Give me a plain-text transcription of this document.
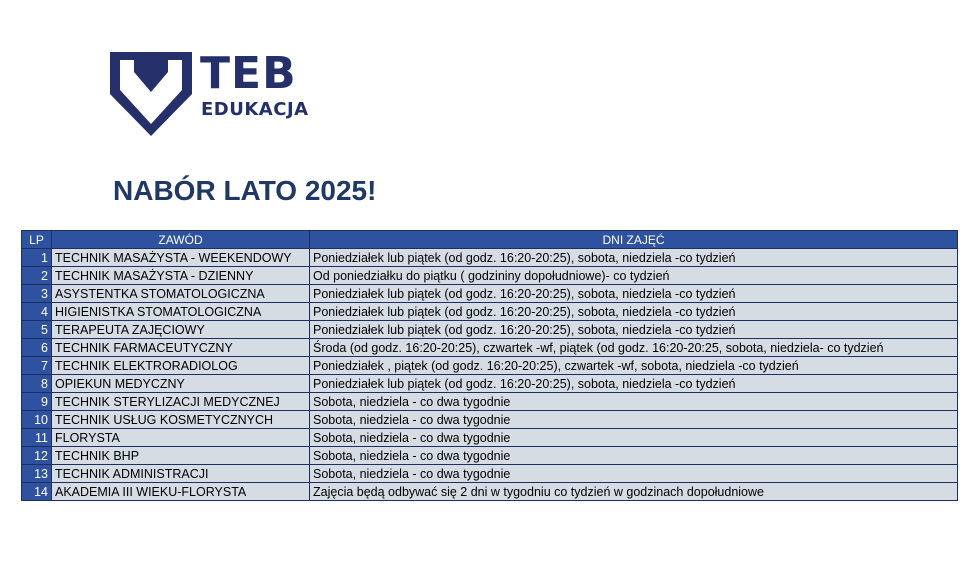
TEB
EDUKACJA
NABÓR LATO 2025!
LP	ZAWÓD	DNI ZAJĘĆ
1	TECHNIK MASAŻYSTA - WEEKENDOWY	Poniedziałek lub piątek (od godz. 16:20-20:25), sobota, niedziela -co tydzień
2	TECHNIK MASAŻYSTA - DZIENNY	Od poniedziałku do piątku ( godzininy dopołudniowe)- co tydzień
3	ASYSTENTKA STOMATOLOGICZNA	Poniedziałek lub piątek (od godz. 16:20-20:25), sobota, niedziela -co tydzień
4	HIGIENISTKA STOMATOLOGICZNA	Poniedziałek lub piątek (od godz. 16:20-20:25), sobota, niedziela -co tydzień
5	TERAPEUTA ZAJĘCIOWY	Poniedziałek lub piątek (od godz. 16:20-20:25), sobota, niedziela -co tydzień
6	TECHNIK FARMACEUTYCZNY	Środa (od godz. 16:20-20:25), czwartek -wf, piątek (od godz. 16:20-20:25, sobota, niedziela- co tydzień
7	TECHNIK ELEKTRORADIOLOG	Poniedziałek , piątek (od godz. 16:20-20:25), czwartek -wf, sobota, niedziela -co tydzień
8	OPIEKUN MEDYCZNY	Poniedziałek lub piątek (od godz. 16:20-20:25), sobota, niedziela -co tydzień
9	TECHNIK STERYLIZACJI MEDYCZNEJ	Sobota, niedziela - co dwa tygodnie
10	TECHNIK USŁUG KOSMETYCZNYCH	Sobota, niedziela - co dwa tygodnie
11	FLORYSTA	Sobota, niedziela - co dwa tygodnie
12	TECHNIK BHP	Sobota, niedziela - co dwa tygodnie
13	TECHNIK ADMINISTRACJI	Sobota, niedziela - co dwa tygodnie
14	AKADEMIA III WIEKU-FLORYSTA	Zajęcia będą odbywać się 2 dni w tygodniu co tydzień w godzinach dopołudniowe
